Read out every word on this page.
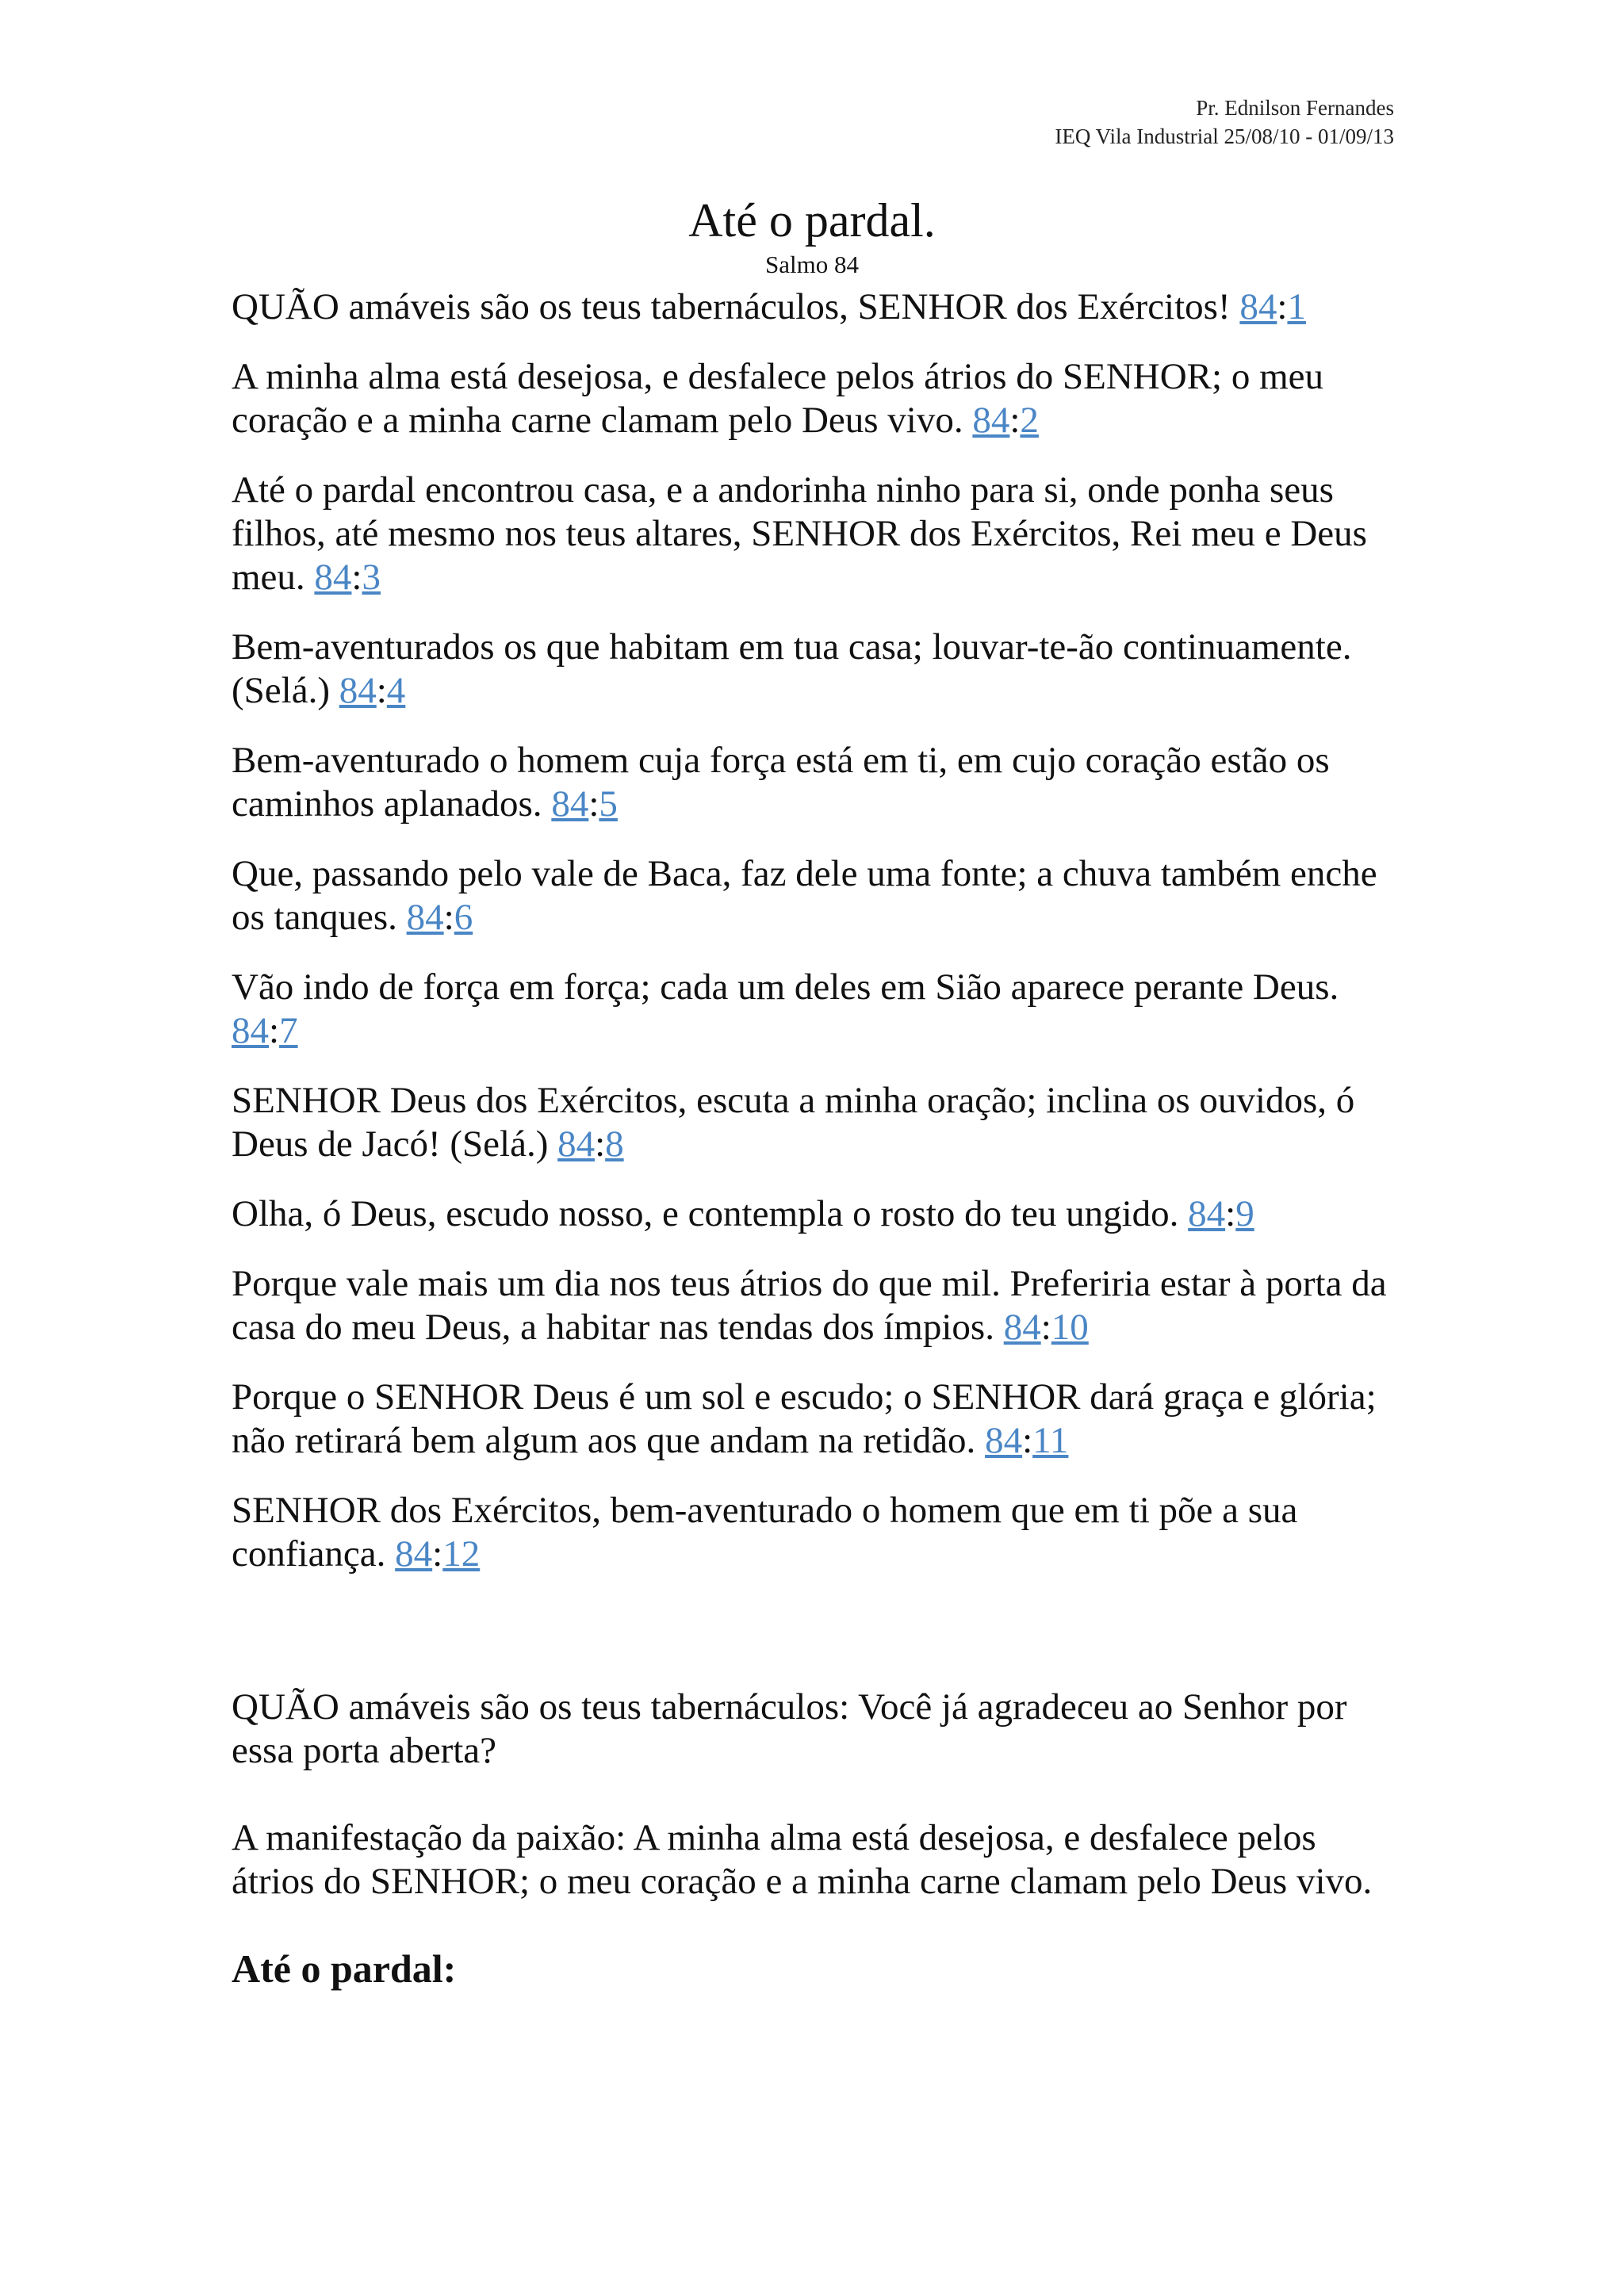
Pr. Ednilson Fernandes
IEQ Vila Industrial 25/08/10 - 01/09/13
Até o pardal.
Salmo 84

QUÃO amáveis são os teus tabernáculos, SENHOR dos Exércitos! 84:1

A minha alma está desejosa, e desfalece pelos átrios do SENHOR; o meu coração e a minha carne clamam pelo Deus vivo. 84:2

Até o pardal encontrou casa, e a andorinha ninho para si, onde ponha seus filhos, até mesmo nos teus altares, SENHOR dos Exércitos, Rei meu e Deus meu. 84:3

Bem-aventurados os que habitam em tua casa; louvar-te-ão continuamente. (Selá.) 84:4

Bem-aventurado o homem cuja força está em ti, em cujo coração estão os caminhos aplanados. 84:5

Que, passando pelo vale de Baca, faz dele uma fonte; a chuva também enche os tanques. 84:6

Vão indo de força em força; cada um deles em Sião aparece perante Deus. 84:7

SENHOR Deus dos Exércitos, escuta a minha oração; inclina os ouvidos, ó Deus de Jacó! (Selá.) 84:8

Olha, ó Deus, escudo nosso, e contempla o rosto do teu ungido. 84:9

Porque vale mais um dia nos teus átrios do que mil. Preferiria estar à porta da casa do meu Deus, a habitar nas tendas dos ímpios. 84:10

Porque o SENHOR Deus é um sol e escudo; o SENHOR dará graça e glória; não retirará bem algum aos que andam na retidão. 84:11

SENHOR dos Exércitos, bem-aventurado o homem que em ti põe a sua confiança. 84:12

QUÃO amáveis são os teus tabernáculos: Você já agradeceu ao Senhor por essa porta aberta?

A manifestação da paixão: A minha alma está desejosa, e desfalece pelos átrios do SENHOR; o meu coração e a minha carne clamam pelo Deus vivo.

Até o pardal:
